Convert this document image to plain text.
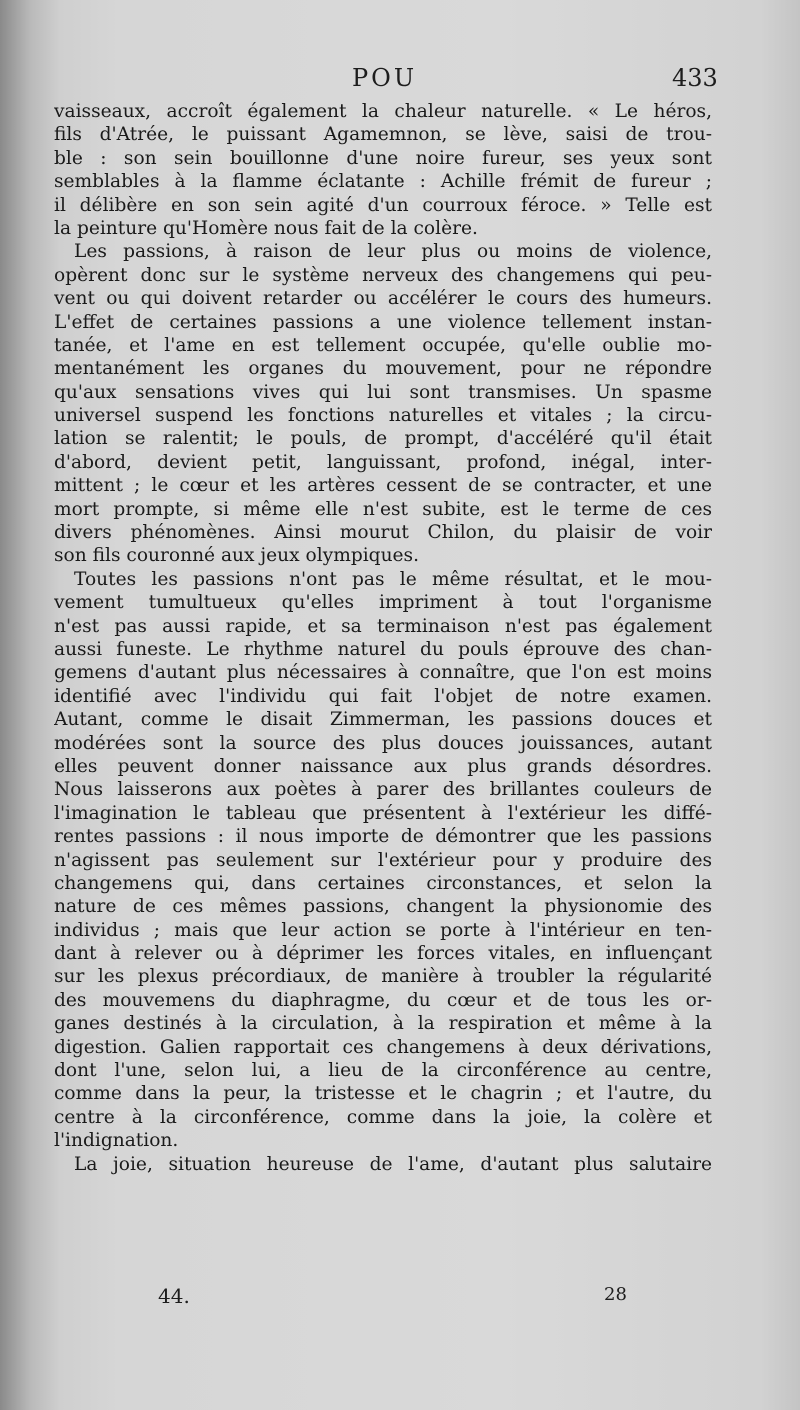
POU	433
vaisseaux, accroît également la chaleur naturelle. « Le héros,
fils d'Atrée, le puissant Agamemnon, se lève, saisi de trou-
ble : son sein bouillonne d'une noire fureur, ses yeux sont
semblables à la flamme éclatante : Achille frémit de fureur ;
il délibère en son sein agité d'un courroux féroce. » Telle est
la peinture qu'Homère nous fait de la colère.
Les passions, à raison de leur plus ou moins de violence,
opèrent donc sur le système nerveux des changemens qui peu-
vent ou qui doivent retarder ou accélérer le cours des humeurs.
L'effet de certaines passions a une violence tellement instan-
tanée, et l'ame en est tellement occupée, qu'elle oublie mo-
mentanément les organes du mouvement, pour ne répondre
qu'aux sensations vives qui lui sont transmises. Un spasme
universel suspend les fonctions naturelles et vitales ; la circu-
lation se ralentit; le pouls, de prompt, d'accéléré qu'il était
d'abord, devient petit, languissant, profond, inégal, inter-
mittent ; le cœur et les artères cessent de se contracter, et une
mort prompte, si même elle n'est subite, est le terme de ces
divers phénomènes. Ainsi mourut Chilon, du plaisir de voir
son fils couronné aux jeux olympiques.
Toutes les passions n'ont pas le même résultat, et le mou-
vement tumultueux qu'elles impriment à tout l'organisme
n'est pas aussi rapide, et sa terminaison n'est pas également
aussi funeste. Le rhythme naturel du pouls éprouve des chan-
gemens d'autant plus nécessaires à connaître, que l'on est moins
identifié avec l'individu qui fait l'objet de notre examen.
Autant, comme le disait Zimmerman, les passions douces et
modérées sont la source des plus douces jouissances, autant
elles peuvent donner naissance aux plus grands désordres.
Nous laisserons aux poètes à parer des brillantes couleurs de
l'imagination le tableau que présentent à l'extérieur les diffé-
rentes passions : il nous importe de démontrer que les passions
n'agissent pas seulement sur l'extérieur pour y produire des
changemens qui, dans certaines circonstances, et selon la
nature de ces mêmes passions, changent la physionomie des
individus ; mais que leur action se porte à l'intérieur en ten-
dant à relever ou à déprimer les forces vitales, en influençant
sur les plexus précordiaux, de manière à troubler la régularité
des mouvemens du diaphragme, du cœur et de tous les or-
ganes destinés à la circulation, à la respiration et même à la
digestion. Galien rapportait ces changemens à deux dérivations,
dont l'une, selon lui, a lieu de la circonférence au centre,
comme dans la peur, la tristesse et le chagrin ; et l'autre, du
centre à la circonférence, comme dans la joie, la colère et
l'indignation.
La joie, situation heureuse de l'ame, d'autant plus salutaire
44.	28
